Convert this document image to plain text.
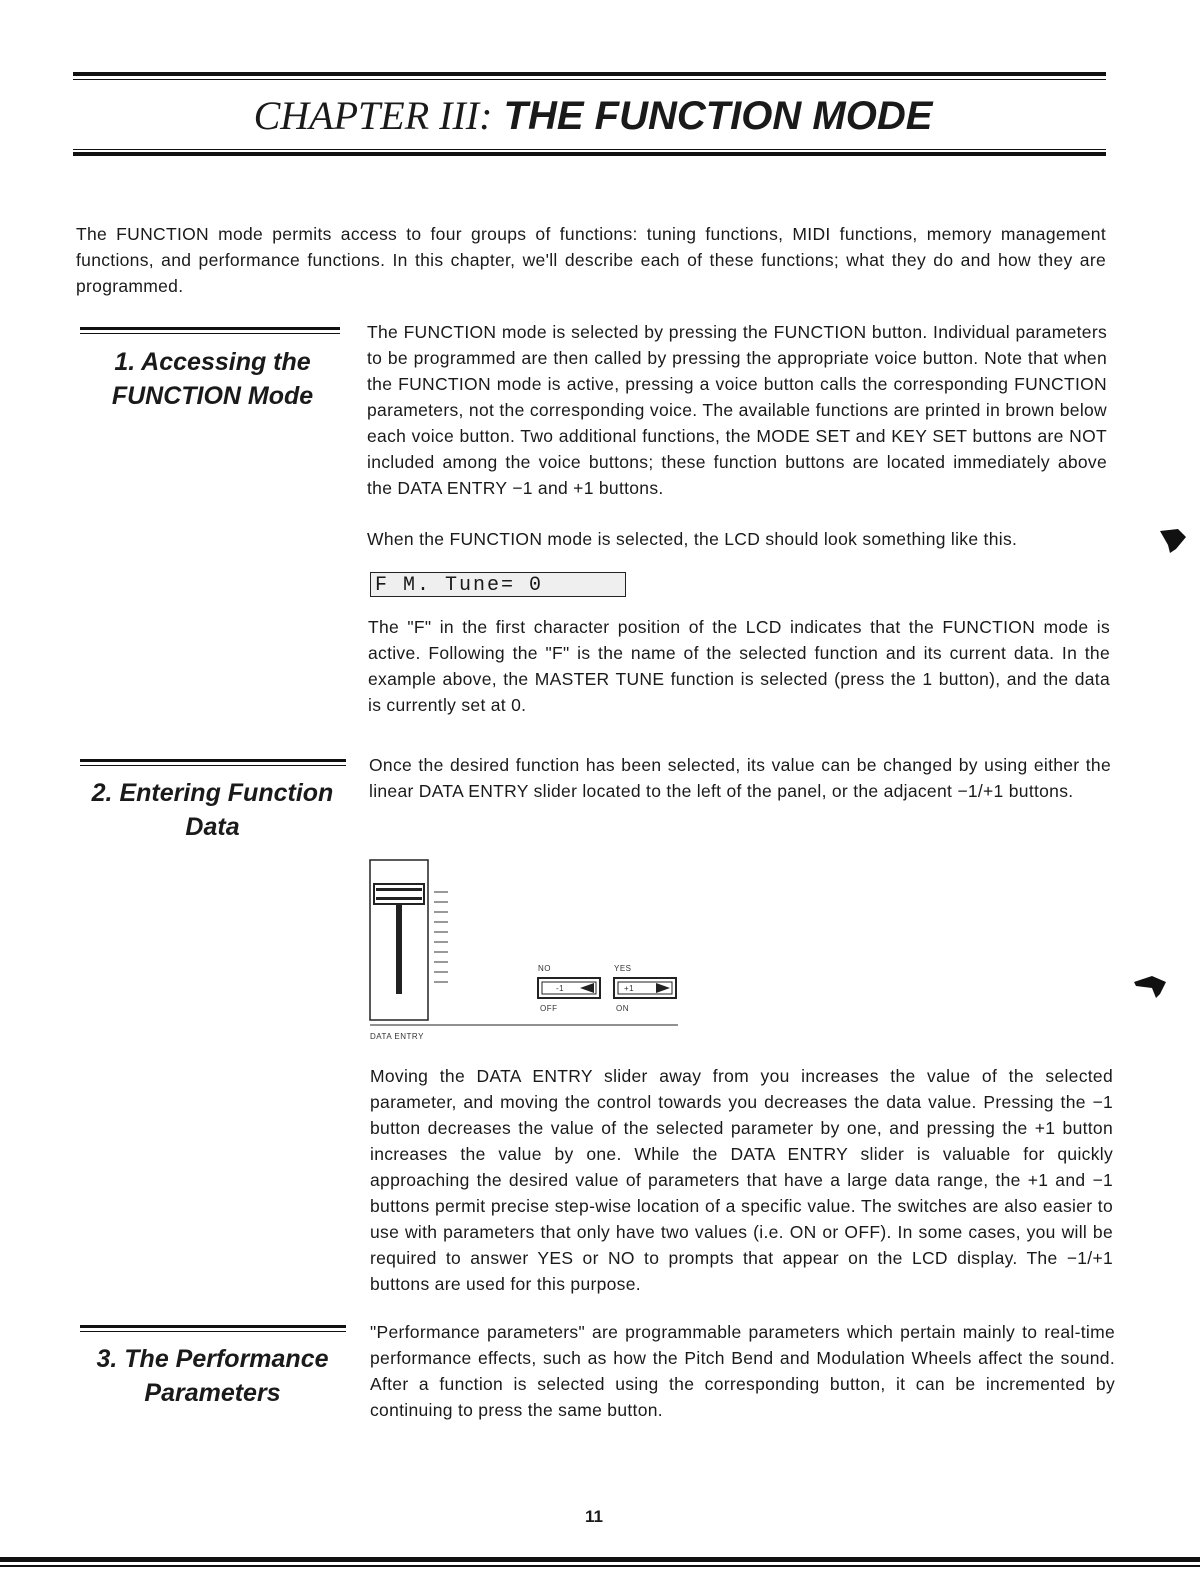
CHAPTER III: THE FUNCTION MODE

The FUNCTION mode permits access to four groups of functions: tuning functions, MIDI functions, memory management functions, and performance functions. In this chapter, we'll describe each of these functions; what they do and how they are programmed.

1. Accessing the
FUNCTION Mode

The FUNCTION mode is selected by pressing the FUNCTION button. Individual parameters to be programmed are then called by pressing the appropriate voice button. Note that when the FUNCTION mode is active, pressing a voice button calls the corresponding FUNCTION parameters, not the corresponding voice. The available functions are printed in brown below each voice button. Two additional functions, the MODE SET and KEY SET buttons are NOT included among the voice buttons; these function buttons are located immediately above the DATA ENTRY −1 and +1 buttons.

When the FUNCTION mode is selected, the LCD should look something like this.

F M. Tune= 0

The "F" in the first character position of the LCD indicates that the FUNCTION mode is active. Following the "F" is the name of the selected function and its current data. In the example above, the MASTER TUNE function is selected (press the 1 button), and the data is currently set at 0.

2. Entering Function
Data

Once the desired function has been selected, its value can be changed by using either the linear DATA ENTRY slider located to the left of the panel, or the adjacent −1/+1 buttons.

NO	YES
-1	+1
OFF	ON
DATA ENTRY

Moving the DATA ENTRY slider away from you increases the value of the selected parameter, and moving the control towards you decreases the data value. Pressing the −1 button decreases the value of the selected parameter by one, and pressing the +1 button increases the value by one. While the DATA ENTRY slider is valuable for quickly approaching the desired value of parameters that have a large data range, the +1 and −1 buttons permit precise step-wise location of a specific value. The switches are also easier to use with parameters that only have two values (i.e. ON or OFF). In some cases, you will be required to answer YES or NO to prompts that appear on the LCD display. The −1/+1 buttons are used for this purpose.

3. The Performance
Parameters

"Performance parameters" are programmable parameters which pertain mainly to real-time performance effects, such as how the Pitch Bend and Modulation Wheels affect the sound. After a function is selected using the corresponding button, it can be incremented by continuing to press the same button.

11
